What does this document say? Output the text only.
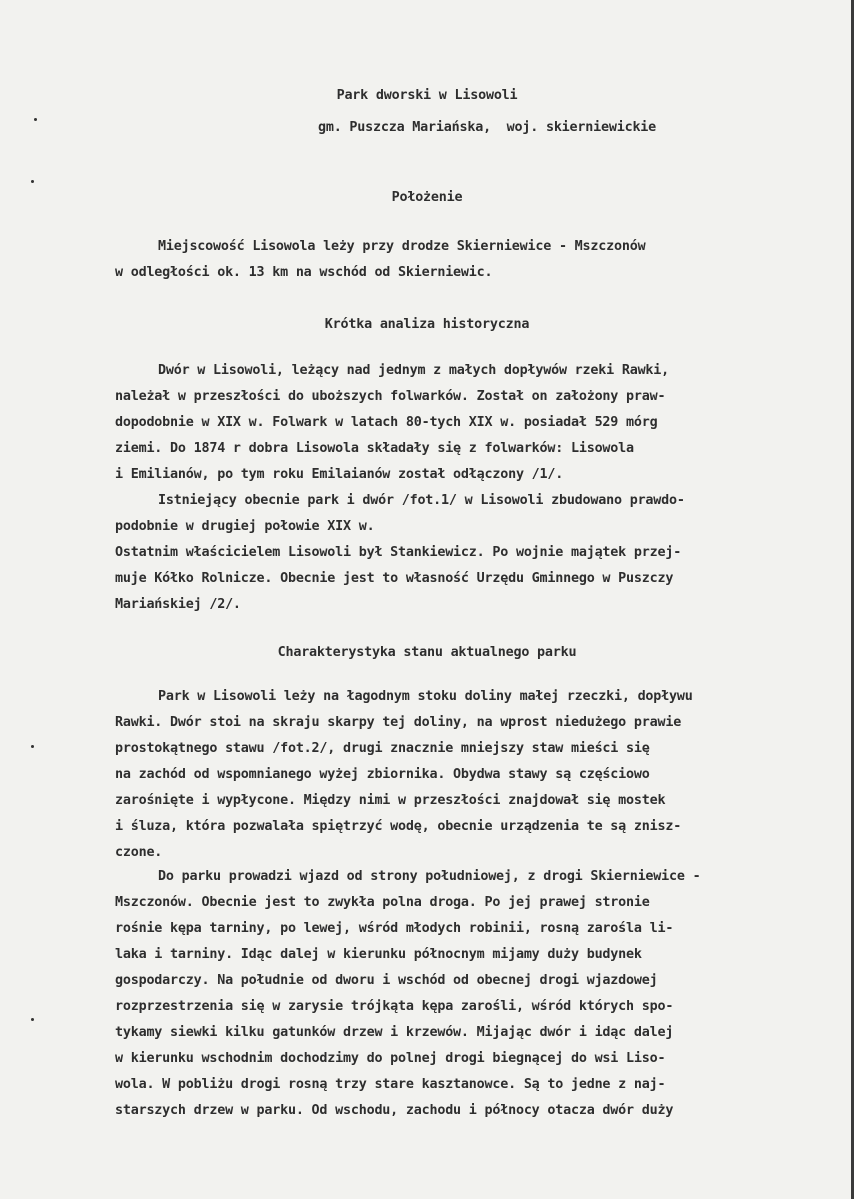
Park dworski w Lisowoli
gm. Puszcza Mariańska,  woj. skierniewickie
Położenie
Miejscowość Lisowola leży przy drodze Skierniewice - Mszczonów
w odległości ok. 13 km na wschód od Skierniewic.
Krótka analiza historyczna
Dwór w Lisowoli, leżący nad jednym z małych dopływów rzeki Rawki,
należał w przeszłości do uboższych folwarków. Został on założony praw-
dopodobnie w XIX w. Folwark w latach 80-tych XIX w. posiadał 529 mórg
ziemi. Do 1874 r dobra Lisowola składały się z folwarków: Lisowola
i Emilianów, po tym roku Emilaianów został odłączony /1/.
Istniejący obecnie park i dwór /fot.1/ w Lisowoli zbudowano prawdo-
podobnie w drugiej połowie XIX w.
Ostatnim właścicielem Lisowoli był Stankiewicz. Po wojnie majątek przej-
muje Kółko Rolnicze. Obecnie jest to własność Urzędu Gminnego w Puszczy
Mariańskiej /2/.
Charakterystyka stanu aktualnego parku
Park w Lisowoli leży na łagodnym stoku doliny małej rzeczki, dopływu
Rawki. Dwór stoi na skraju skarpy tej doliny, na wprost niedużego prawie
prostokątnego stawu /fot.2/, drugi znacznie mniejszy staw mieści się
na zachód od wspomnianego wyżej zbiornika. Obydwa stawy są częściowo
zarośnięte i wypłycone. Między nimi w przeszłości znajdował się mostek
i śluza, która pozwalała spiętrzyć wodę, obecnie urządzenia te są znisz-
czone.
Do parku prowadzi wjazd od strony południowej, z drogi Skierniewice -
Mszczonów. Obecnie jest to zwykła polna droga. Po jej prawej stronie
rośnie kępa tarniny, po lewej, wśród młodych robinii, rosną zarośla li-
laka i tarniny. Idąc dalej w kierunku północnym mijamy duży budynek
gospodarczy. Na południe od dworu i wschód od obecnej drogi wjazdowej
rozprzestrzenia się w zarysie trójkąta kępa zarośli, wśród których spo-
tykamy siewki kilku gatunków drzew i krzewów. Mijając dwór i idąc dalej
w kierunku wschodnim dochodzimy do polnej drogi biegnącej do wsi Liso-
wola. W pobliżu drogi rosną trzy stare kasztanowce. Są to jedne z naj-
starszych drzew w parku. Od wschodu, zachodu i północy otacza dwór duży
